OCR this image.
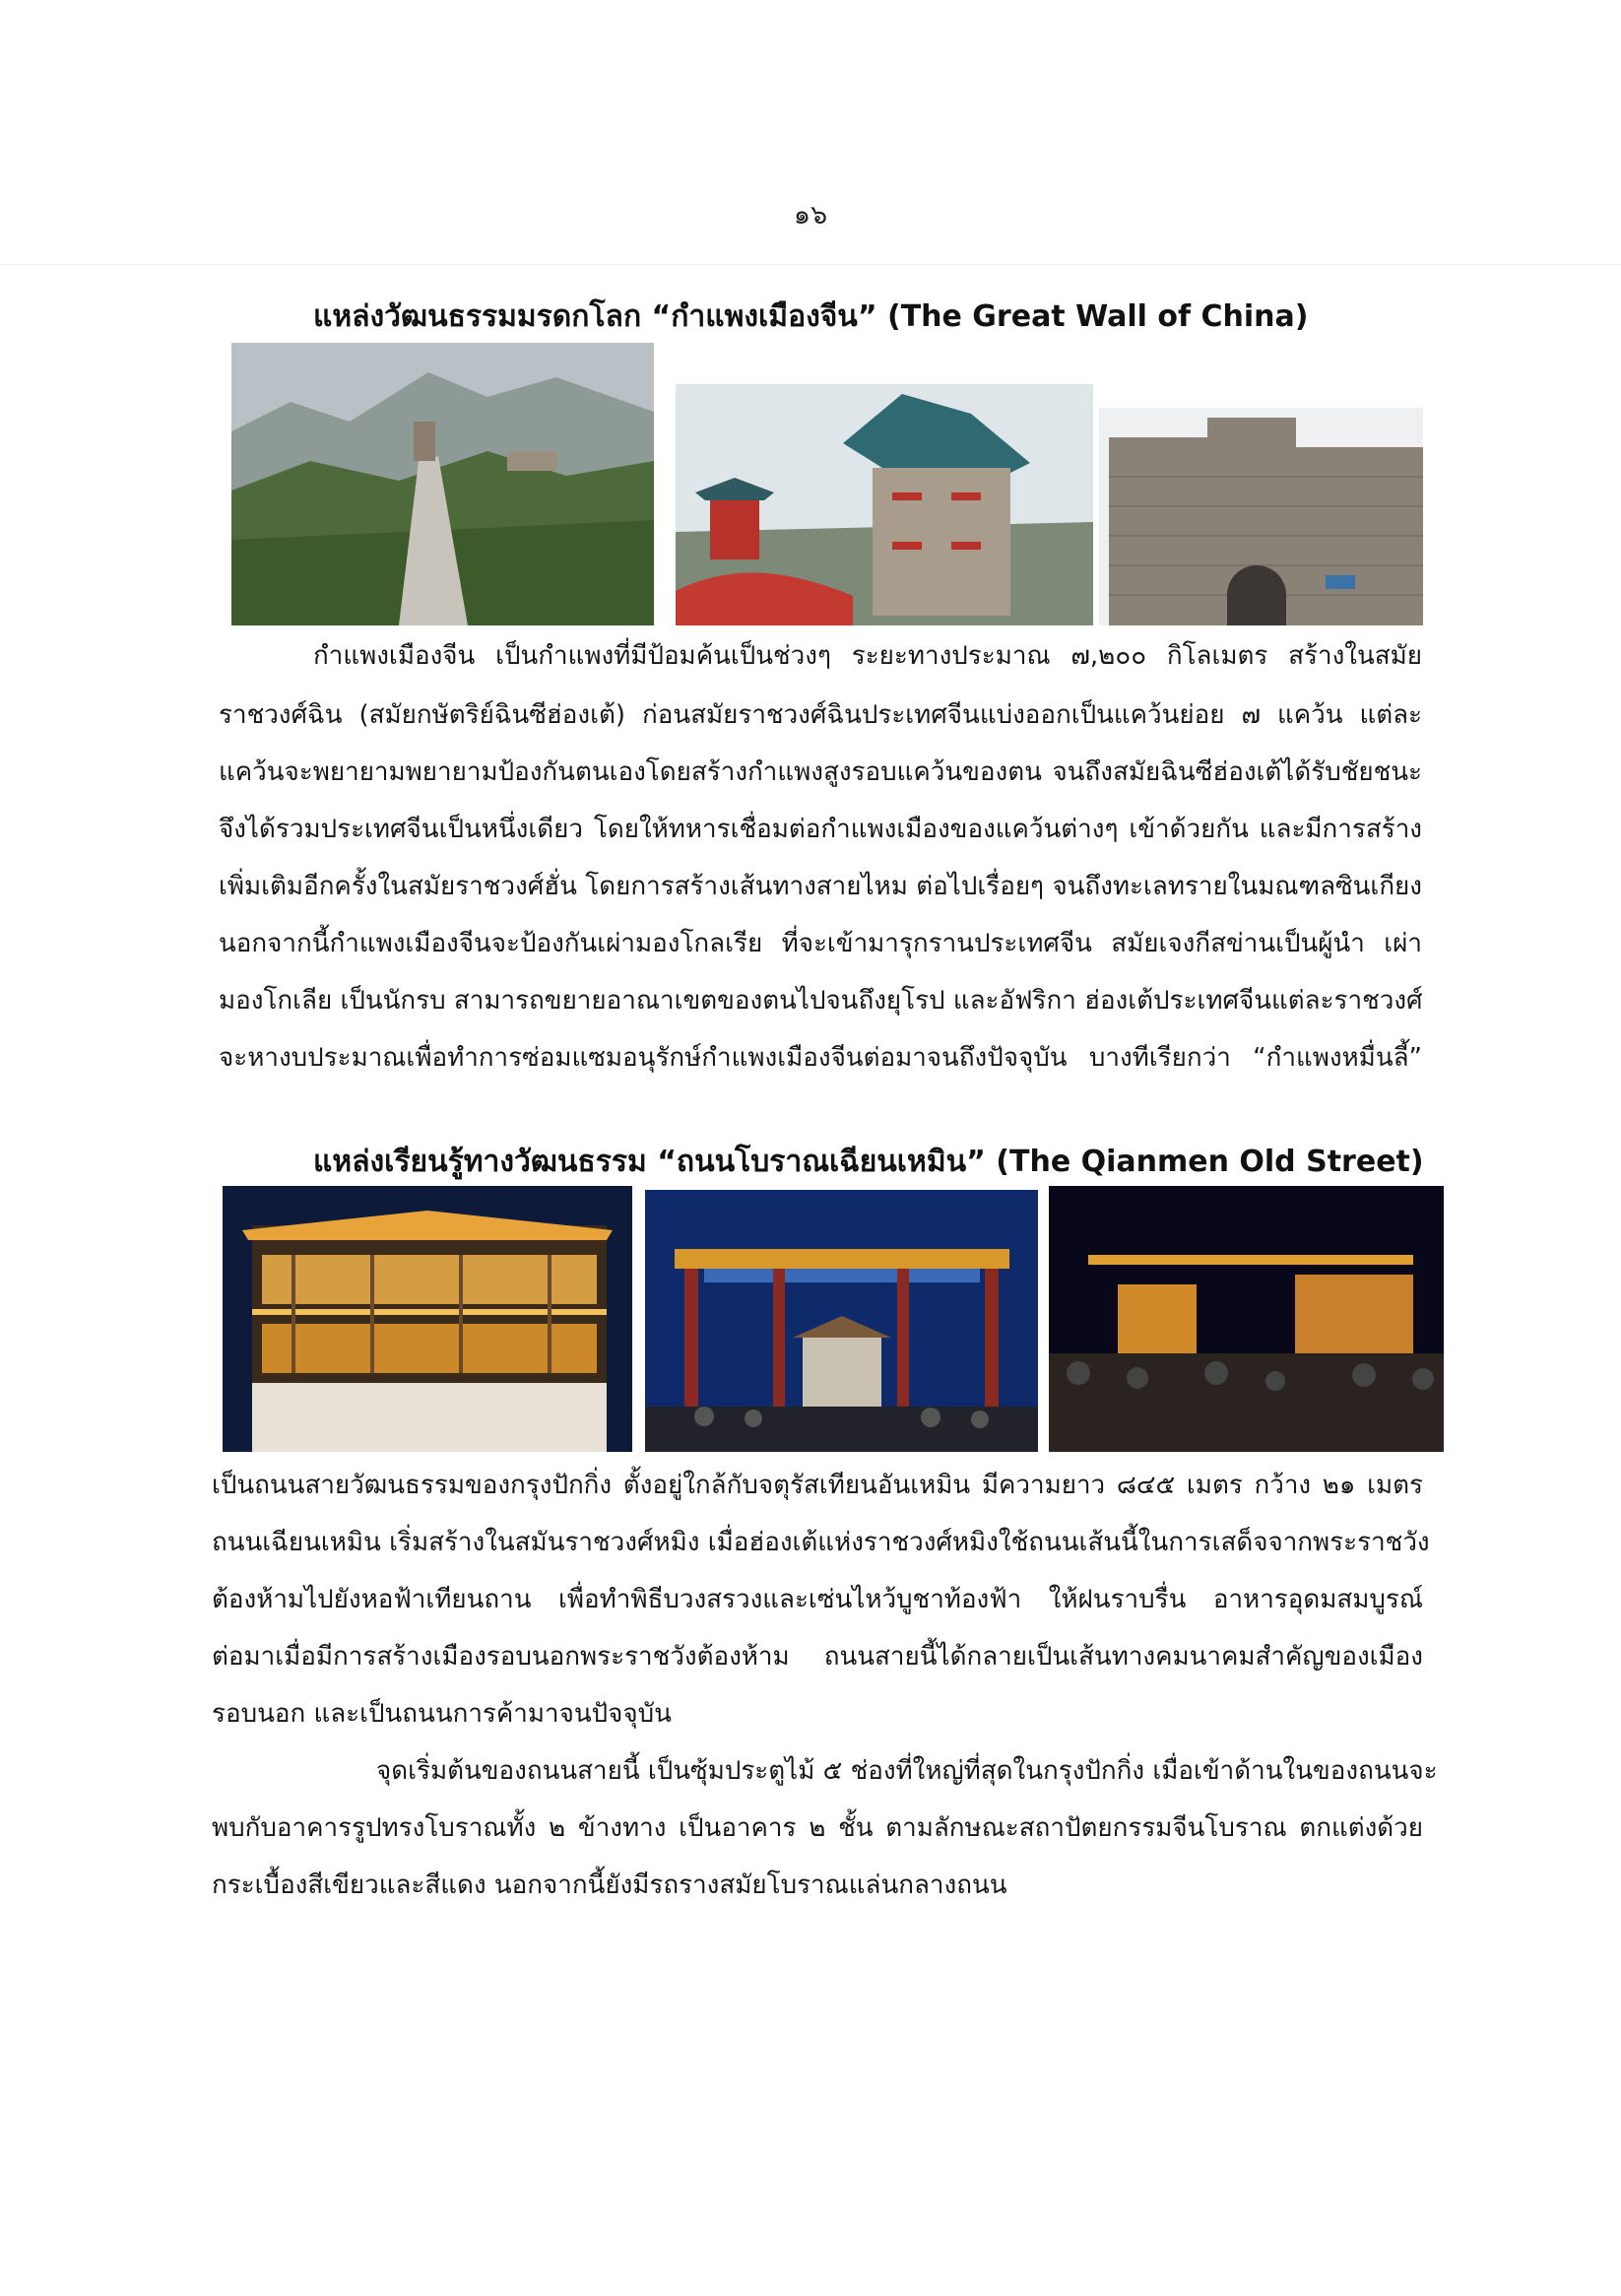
๑๖
แหล่งวัฒนธรรมมรดกโลก “กำแพงเมืองจีน” (The Great Wall of China)
กำแพงเมืองจีน เป็นกำแพงที่มีป้อมค้นเป็นช่วงๆ ระยะทางประมาณ ๗,๒๐๐ กิโลเมตร สร้างในสมัย
ราชวงศ์ฉิน (สมัยกษัตริย์ฉินซีฮ่องเต้) ก่อนสมัยราชวงศ์ฉินประเทศจีนแบ่งออกเป็นแคว้นย่อย ๗ แคว้น แต่ละ
แคว้นจะพยายามพยายามป้องกันตนเองโดยสร้างกำแพงสูงรอบแคว้นของตน จนถึงสมัยฉินซีฮ่องเต้ได้รับชัยชนะ
จึงได้รวมประเทศจีนเป็นหนึ่งเดียว โดยให้ทหารเชื่อมต่อกำแพงเมืองของแคว้นต่างๆ เข้าด้วยกัน และมีการสร้าง
เพิ่มเติมอีกครั้งในสมัยราชวงศ์ฮั่น โดยการสร้างเส้นทางสายไหม ต่อไปเรื่อยๆ จนถึงทะเลทรายในมณฑลซินเกียง
นอกจากนี้กำแพงเมืองจีนจะป้องกันเผ่ามองโกลเรีย ที่จะเข้ามารุกรานประเทศจีน สมัยเจงกีสข่านเป็นผู้นำ เผ่า
มองโกเลีย เป็นนักรบ สามารถขยายอาณาเขตของตนไปจนถึงยุโรป และอัฟริกา ฮ่องเต้ประเทศจีนแต่ละราชวงศ์
จะหางบประมาณเพื่อทำการซ่อมแซมอนุรักษ์กำแพงเมืองจีนต่อมาจนถึงปัจจุบัน บางทีเรียกว่า “กำแพงหมื่นลี้”
แหล่งเรียนรู้ทางวัฒนธรรม “ถนนโบราณเฉียนเหมิน” (The Qianmen Old Street)
เป็นถนนสายวัฒนธรรมของกรุงปักกิ่ง ตั้งอยู่ใกล้กับจตุรัสเทียนอันเหมิน มีความยาว ๘๔๕ เมตร กว้าง ๒๑ เมตร
ถนนเฉียนเหมิน เริ่มสร้างในสมันราชวงศ์หมิง เมื่อฮ่องเต้แห่งราชวงศ์หมิงใช้ถนนเส้นนี้ในการเสด็จจากพระราชวัง
ต้องห้ามไปยังหอฟ้าเทียนถาน เพื่อทำพิธีบวงสรวงและเซ่นไหว้บูชาท้องฟ้า ให้ฝนราบรื่น อาหารอุดมสมบูรณ์
ต่อมาเมื่อมีการสร้างเมืองรอบนอกพระราชวังต้องห้าม ถนนสายนี้ได้กลายเป็นเส้นทางคมนาคมสำคัญของเมือง
รอบนอก และเป็นถนนการค้ามาจนปัจจุบัน
จุดเริ่มต้นของถนนสายนี้ เป็นซุ้มประตูไม้ ๕ ช่องที่ใหญ่ที่สุดในกรุงปักกิ่ง เมื่อเข้าด้านในของถนนจะ
พบกับอาคารรูปทรงโบราณทั้ง ๒ ข้างทาง เป็นอาคาร ๒ ชั้น ตามลักษณะสถาปัตยกรรมจีนโบราณ ตกแต่งด้วย
กระเบื้องสีเขียวและสีแดง นอกจากนี้ยังมีรถรางสมัยโบราณแล่นกลางถนน
